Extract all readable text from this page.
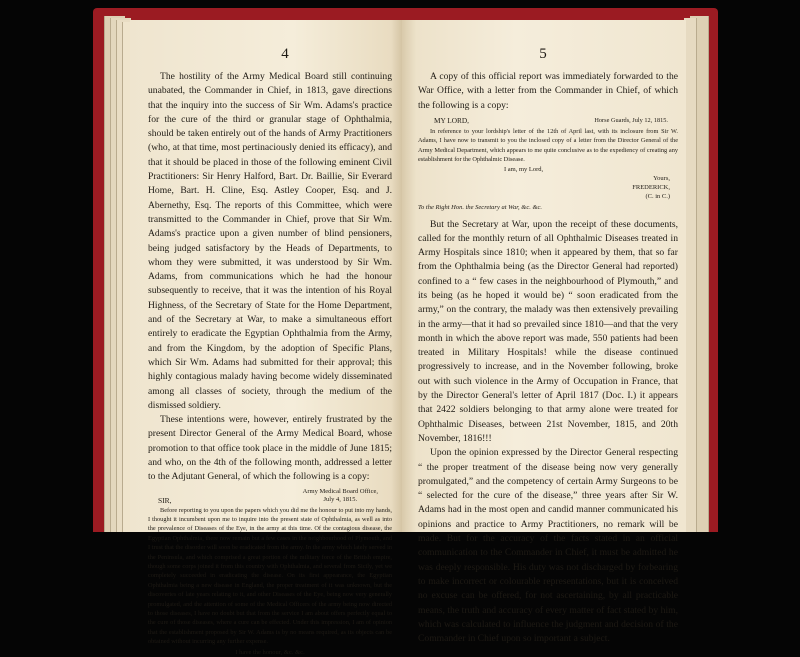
4

The hostility of the Army Medical Board still continuing unabated, the Commander in Chief, in 1813, gave directions that the inquiry into the success of Sir Wm. Adams's practice for the cure of the third or granular stage of Ophthalmia, should be taken entirely out of the hands of Army Practitioners (who, at that time, most pertinaciously denied its efficacy), and that it should be placed in those of the following eminent Civil Practitioners: Sir Henry Halford, Bart. Dr. Baillie, Sir Everard Home, Bart. H. Cline, Esq. Astley Cooper, Esq. and J. Abernethy, Esq. The reports of this Committee, which were transmitted to the Commander in Chief, prove that Sir Wm. Adams's practice upon a given number of blind pensioners, being judged satisfactory by the Heads of Departments, to whom they were submitted, it was understood by Sir Wm. Adams, from communications which he had the honour subsequently to receive, that it was the intention of his Royal Highness, of the Secretary of State for the Home Department, and of the Secretary at War, to make a simultaneous effort entirely to eradicate the Egyptian Ophthalmia from the Army, and from the Kingdom, by the adoption of Specific Plans, which Sir Wm. Adams had submitted for their approval; this highly contagious malady having become widely disseminated among all classes of society, through the medium of the dismissed soldiery.

These intentions were, however, entirely frustrated by the present Director General of the Army Medical Board, whose promotion to that office took place in the middle of June 1815; and who, on the 4th of the following month, addressed a letter to the Adjutant General, of which the following is a copy:

SIR,
Army Medical Board Office,
July 4, 1815.

Before reporting to you upon the papers which you did me the honour to put into my hands, I thought it incumbent upon me to inquire into the present state of Ophthalmia, as well as into the prevalence of Diseases of the Eye, in the army at this time. Of the contagious disease, the Egyptian Ophthalmia, there now remain but a few cases in the neighbourhood of Plymouth, and I trust that the disorder will soon be eradicated from the army. In the army which lately served in the Peninsula, and which comprised a great portion of the military force of the British empire, though some corps joined it from this country with Ophthalmia, and several from Sicily, yet we completely succeeded in eradicating the disease. On its first appearance, the Egyptian Ophthalmia being a new disease in England, the proper treatment of it was unknown, but the discoveries of late years relating to it, and other Diseases of the Eye, being now very generally promulgated, and the attention of some of the Medical Officers of the army being now directed to those diseases, I have no doubt but that from the service I am about offers perfectly equal to the cure of those diseases, where a cure can be effected. Under this impression, I am of opinion that the establishment proposed by Sir W. Adams is by no means required, as its objects can be obtained without incurring any further expense.

I have the honour, &c. &c.
5

A copy of this official report was immediately forwarded to the War Office, with a letter from the Commander in Chief, of which the following is a copy:

MY LORD,	Horse Guards, July 12, 1815.

In reference to your lordship's letter of the 12th of April last, with its inclosure from Sir W. Adams, I have now to transmit to you the inclosed copy of a letter from the Director General of the Army Medical Department, which appears to me quite conclusive as to the expediency of creating any establishment for the Ophthalmic Disease.

I am, my Lord,
Yours,
FREDERICK,
(C. in C.)
To the Right Hon. the Secretary at War, &c. &c.

But the Secretary at War, upon the receipt of these documents, called for the monthly return of all Ophthalmic Diseases treated in Army Hospitals since 1810; when it appeared by them, that so far from the Ophthalmia being (as the Director General had reported) confined to a “ few cases in the neighbourhood of Plymouth,” and its being (as he hoped it would be) “ soon eradicated from the army,” on the contrary, the malady was then extensively prevailing in the army—that it had so prevailed since 1810—and that the very month in which the above report was made, 550 patients had been treated in Military Hospitals! while the disease continued progressively to increase, and in the November following, broke out with such violence in the Army of Occupation in France, that by the Director General's letter of April 1817 (Doc. I.) it appears that 2422 soldiers belonging to that army alone were treated for Ophthalmic Diseases, between 21st November, 1815, and 20th November, 1816!!!

Upon the opinion expressed by the Director General respecting “ the proper treatment of the disease being now very generally promulgated,” and the competency of certain Army Surgeons to be “ selected for the cure of the disease,” three years after Sir W. Adams had in the most open and candid manner communicated his opinions and practice to Army Practitioners, no remark will be made. But for the accuracy of the facts stated in an official communication to the Commander in Chief, it must be admitted he was deeply responsible. His duty was not discharged by forbearing to make incorrect or colourable representations, but it is conceived no excuse can be offered, for not ascertaining, by all practicable means, the truth and accuracy of every matter of fact stated by him, which was calculated to influence the judgment and decision of the Commander in Chief upon so important a subject.
